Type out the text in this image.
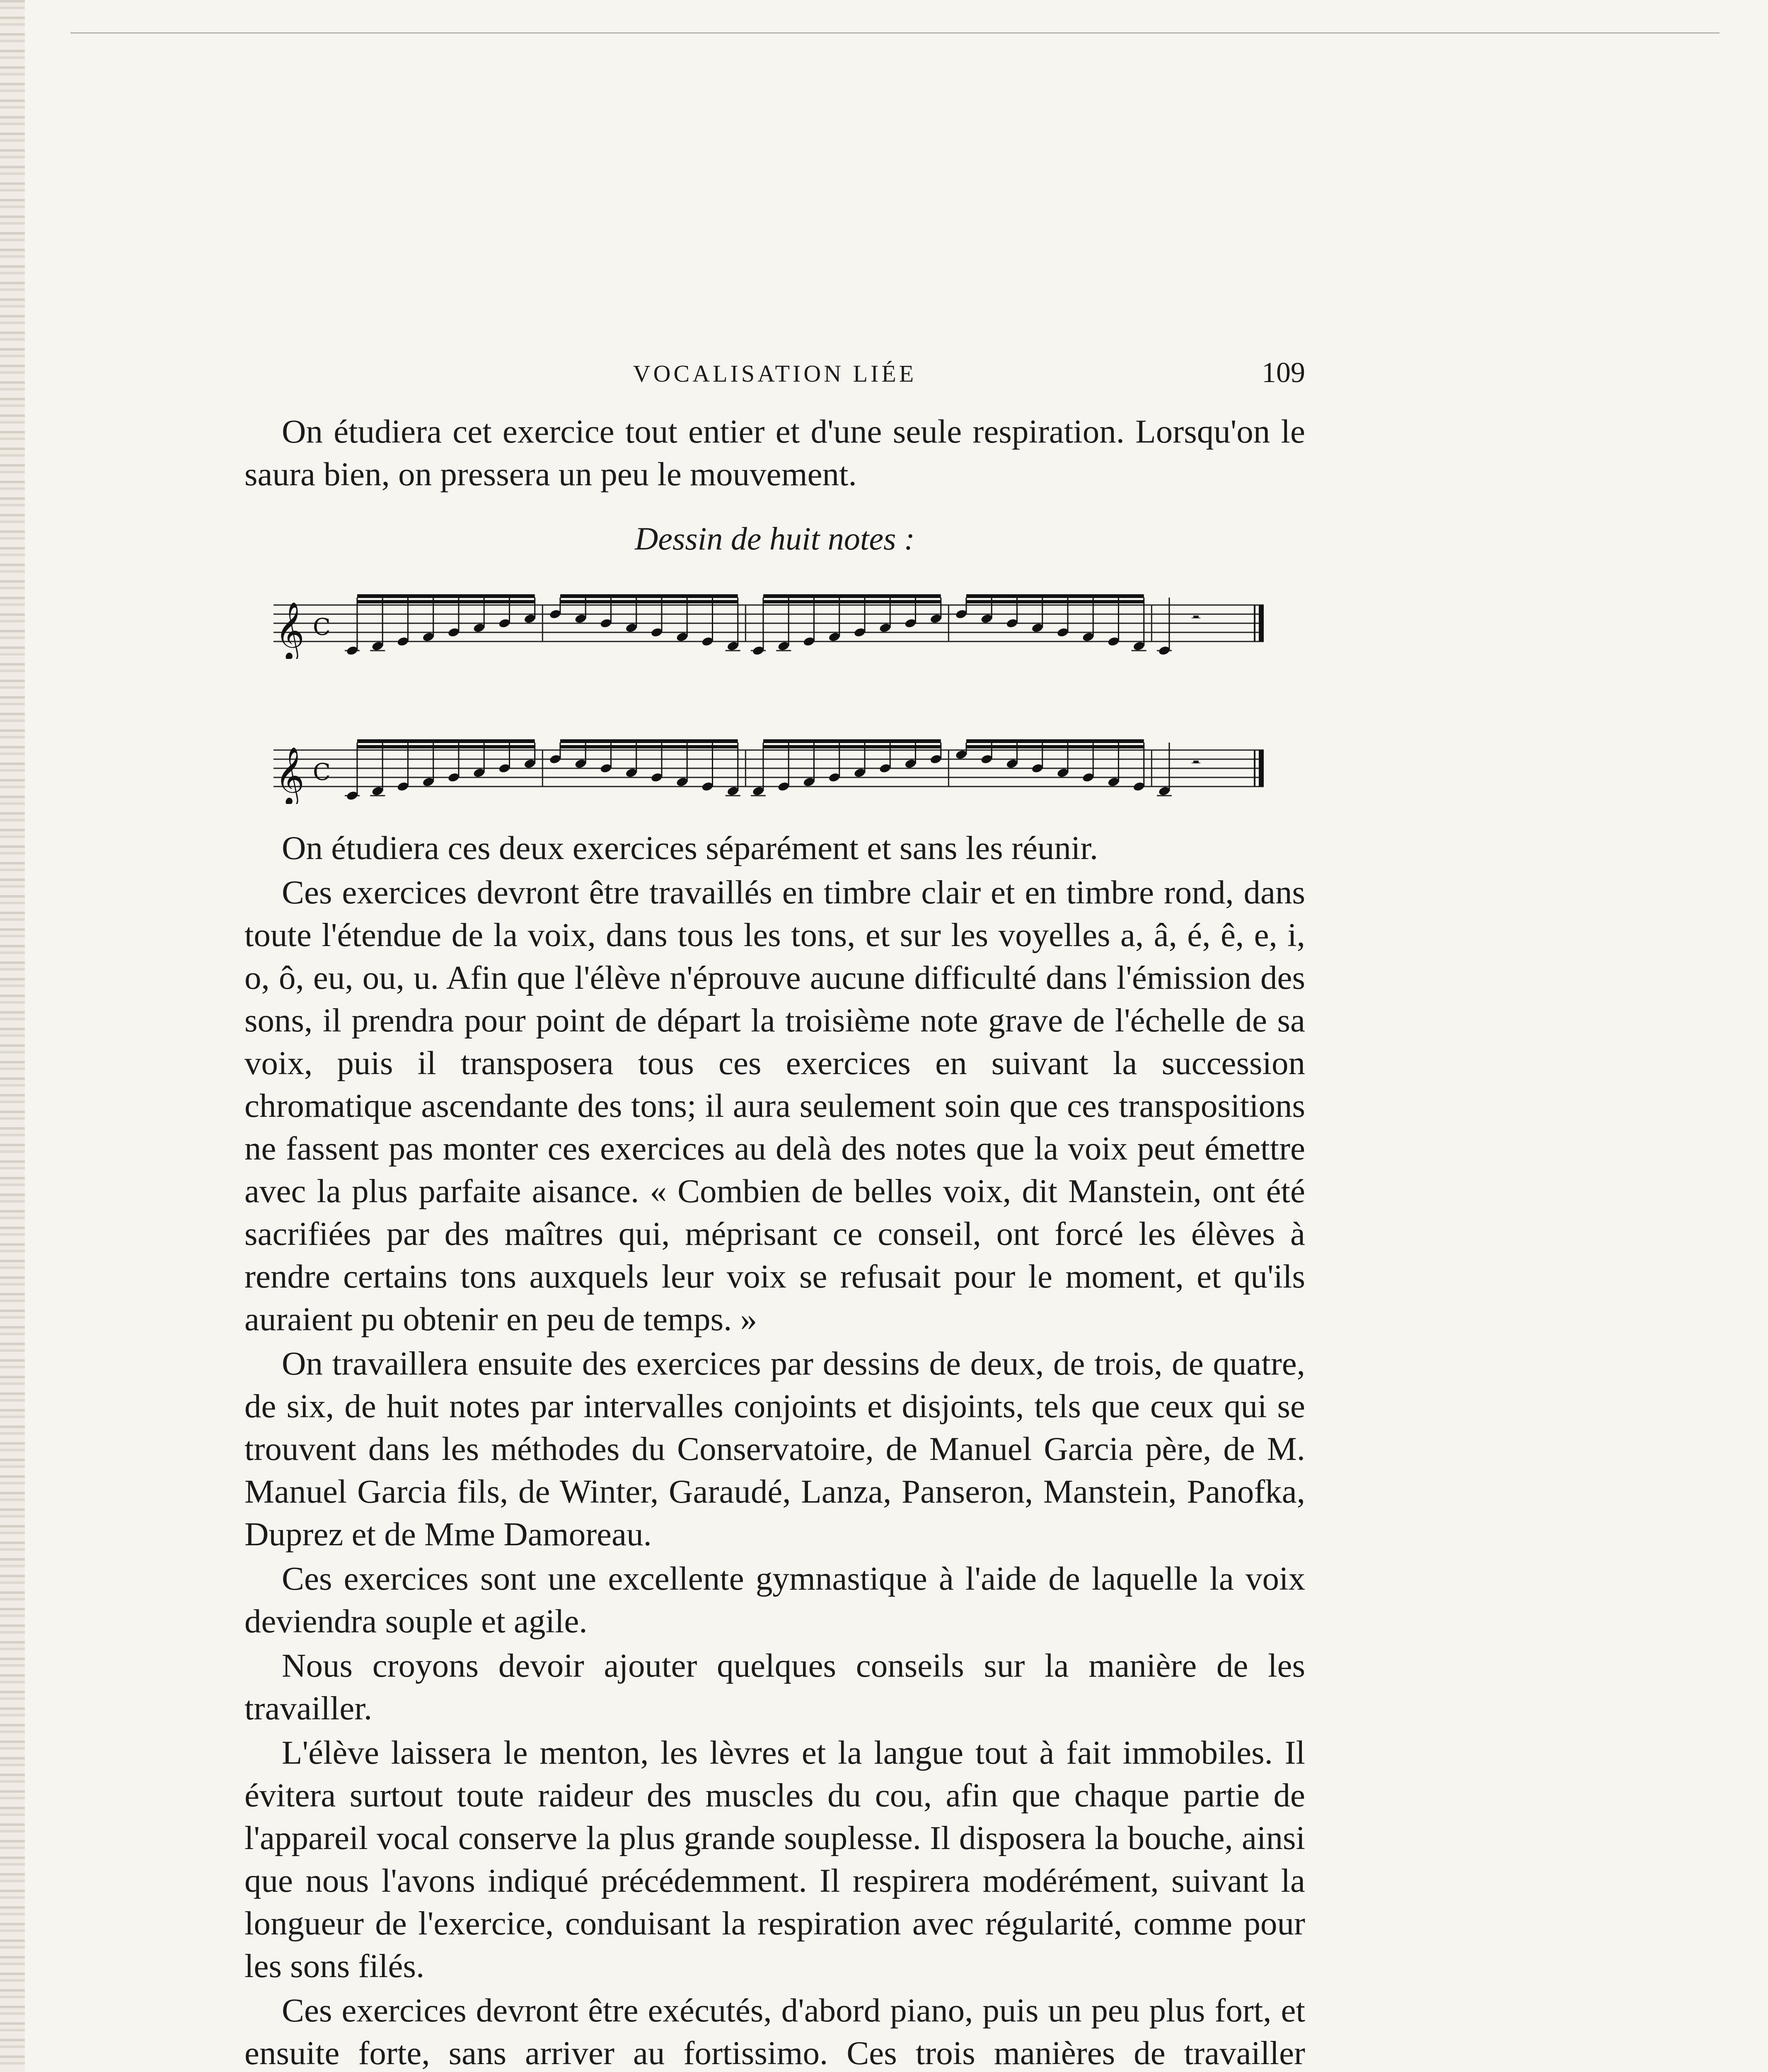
VOCALISATION LIÉE	109

On étudiera cet exercice tout entier et d'une seule respiration. Lorsqu'on le saura bien, on pressera un peu le mouvement.

Dessin de huit notes :
𝄞 C	𝄼
𝄞 C	𝄼

On étudiera ces deux exercices séparément et sans les réunir.

Ces exercices devront être travaillés en timbre clair et en timbre rond, dans toute l'étendue de la voix, dans tous les tons, et sur les voyelles a, â, é, ê, e, i, o, ô, eu, ou, u. Afin que l'élève n'éprouve aucune difficulté dans l'émission des sons, il prendra pour point de départ la troisième note grave de l'échelle de sa voix, puis il transposera tous ces exercices en suivant la succession chromatique ascendante des tons; il aura seulement soin que ces transpositions ne fassent pas monter ces exercices au delà des notes que la voix peut émettre avec la plus parfaite aisance. « Combien de belles voix, dit Manstein, ont été sacrifiées par des maîtres qui, méprisant ce conseil, ont forcé les élèves à rendre certains tons auxquels leur voix se refusait pour le moment, et qu'ils auraient pu obtenir en peu de temps. »

On travaillera ensuite des exercices par dessins de deux, de trois, de quatre, de six, de huit notes par intervalles conjoints et disjoints, tels que ceux qui se trouvent dans les méthodes du Conservatoire, de Manuel Garcia père, de M. Manuel Garcia fils, de Winter, Garaudé, Lanza, Panseron, Manstein, Panofka, Duprez et de Mme Damoreau.

Ces exercices sont une excellente gymnastique à l'aide de laquelle la voix deviendra souple et agile.

Nous croyons devoir ajouter quelques conseils sur la manière de les travailler.

L'élève laissera le menton, les lèvres et la langue tout à fait immobiles. Il évitera surtout toute raideur des muscles du cou, afin que chaque partie de l'appareil vocal conserve la plus grande souplesse. Il disposera la bouche, ainsi que nous l'avons indiqué précédemment. Il respirera modérément, suivant la longueur de l'exercice, conduisant la respiration avec régularité, comme pour les sons filés.

Ces exercices devront être exécutés, d'abord piano, puis un peu plus fort, et ensuite forte, sans arriver au fortissimo. Ces trois manières de travailler
